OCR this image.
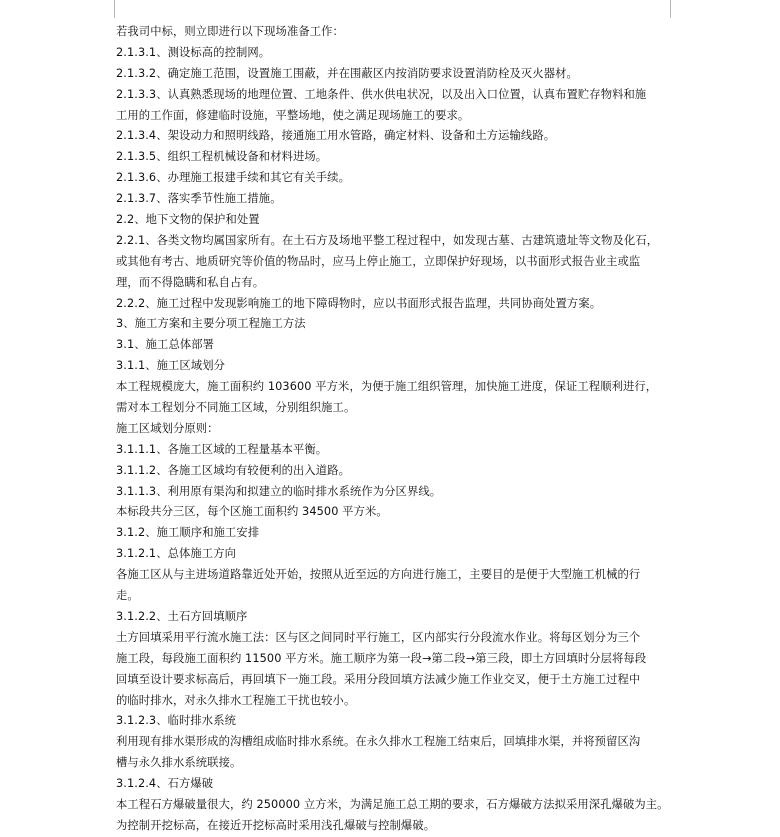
若我司中标，则立即进行以下现场准备工作：
2.1.3.1、测设标高的控制网。
2.1.3.2、确定施工范围，设置施工围蔽，并在围蔽区内按消防要求设置消防栓及灭火器材。
2.1.3.3、认真熟悉现场的地理位置、工地条件、供水供电状况，以及出入口位置，认真布置贮存物料和施
工用的工作面，修建临时设施，平整场地，使之满足现场施工的要求。
2.1.3.4、架设动力和照明线路，接通施工用水管路，确定材料、设备和土方运输线路。
2.1.3.5、组织工程机械设备和材料进场。
2.1.3.6、办理施工报建手续和其它有关手续。
2.1.3.7、落实季节性施工措施。
2.2、地下文物的保护和处置
2.2.1、各类文物均属国家所有。在土石方及场地平整工程过程中，如发现古墓、古建筑遗址等文物及化石，
或其他有考古、地质研究等价值的物品时，应马上停止施工，立即保护好现场，以书面形式报告业主或监
理，而不得隐瞒和私自占有。
2.2.2、施工过程中发现影响施工的地下障碍物时，应以书面形式报告监理，共同协商处置方案。
3、施工方案和主要分项工程施工方法
3.1、施工总体部署
3.1.1、施工区域划分
本工程规模庞大，施工面积约 103600 平方米，为便于施工组织管理，加快施工进度，保证工程顺利进行，
需对本工程划分不同施工区域，分别组织施工。
施工区域划分原则：
3.1.1.1、各施工区域的工程量基本平衡。
3.1.1.2、各施工区域均有较便利的出入道路。
3.1.1.3、利用原有渠沟和拟建立的临时排水系统作为分区界线。
本标段共分三区，每个区施工面积约 34500 平方米。
3.1.2、施工顺序和施工安排
3.1.2.1、总体施工方向
各施工区从与主进场道路靠近处开始，按照从近至远的方向进行施工，主要目的是便于大型施工机械的行
走。
3.1.2.2、土石方回填顺序
土方回填采用平行流水施工法：区与区之间同时平行施工，区内部实行分段流水作业。将每区划分为三个
施工段，每段施工面积约 11500 平方米。施工顺序为第一段→第二段→第三段，即土方回填时分层将每段
回填至设计要求标高后，再回填下一施工段。采用分段回填方法减少施工作业交叉，便于土方施工过程中
的临时排水，对永久排水工程施工干扰也较小。
3.1.2.3、临时排水系统
利用现有排水渠形成的沟槽组成临时排水系统。在永久排水工程施工结束后，回填排水渠，并将预留区沟
槽与永久排水系统联接。
3.1.2.4、石方爆破
本工程石方爆破量很大，约 250000 立方米，为满足施工总工期的要求，石方爆破方法拟采用深孔爆破为主。
为控制开挖标高，在接近开挖标高时采用浅孔爆破与控制爆破。
